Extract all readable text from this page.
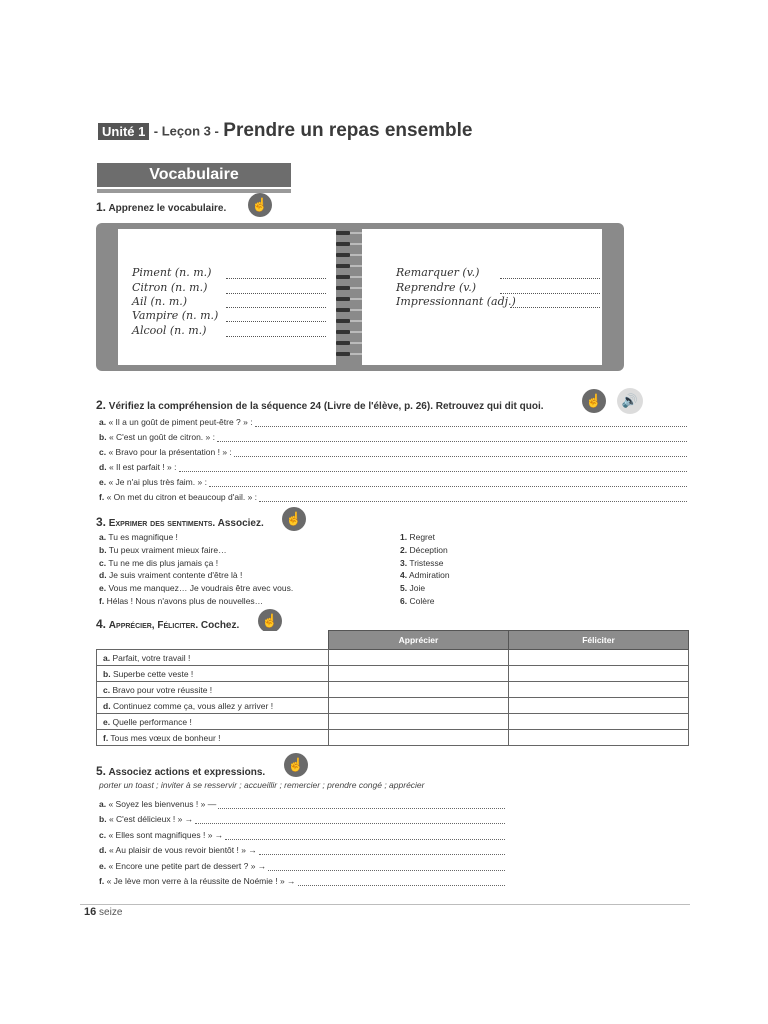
Unité 1 - Leçon 3 - Prendre un repas ensemble
Vocabulaire
1. Apprenez le vocabulaire.	☝
Piment (n. m.)
Citron (n. m.)
Ail (n. m.)
Vampire (n. m.)
Alcool (n. m.)
Remarquer (v.)
Reprendre (v.)
Impressionnant (adj.)
2. Vérifiez la compréhension de la séquence 24 (Livre de l'élève, p. 26). Retrouvez qui dit quoi.	☝	🔊
a. « Il a un goût de piment peut-être ? » :
b. « C'est un goût de citron. » :
c. « Bravo pour la présentation ! » :
d. « Il est parfait ! » :
e. « Je n'ai plus très faim. » :
f. « On met du citron et beaucoup d'ail. » :
3. Exprimer des sentiments. Associez.	☝
a. Tu es magnifique !
b. Tu peux vraiment mieux faire…
c. Tu ne me dis plus jamais ça !
d. Je suis vraiment contente d'être là !
e. Vous me manquez… Je voudrais être avec vous.
f. Hélas ! Nous n'avons plus de nouvelles…
1. Regret
2. Déception
3. Tristesse
4. Admiration
5. Joie
6. Colère
4. Apprécier, Féliciter. Cochez.	☝
	Apprécier	Féliciter
a. Parfait, votre travail !		
b. Superbe cette veste !		
c. Bravo pour votre réussite !		
d. Continuez comme ça, vous allez y arriver !		
e. Quelle performance !		
f. Tous mes vœux de bonheur !		
5. Associez actions et expressions.
☝
porter un toast ; inviter à se resservir ; accueillir ; remercier ; prendre congé ; apprécier
a. « Soyez les bienvenus ! » —
b. « C'est délicieux ! » →
c. « Elles sont magnifiques ! » →
d. « Au plaisir de vous revoir bientôt ! » →
e. « Encore une petite part de dessert ? » →
f. « Je lève mon verre à la réussite de Noémie ! » →
16 seize
